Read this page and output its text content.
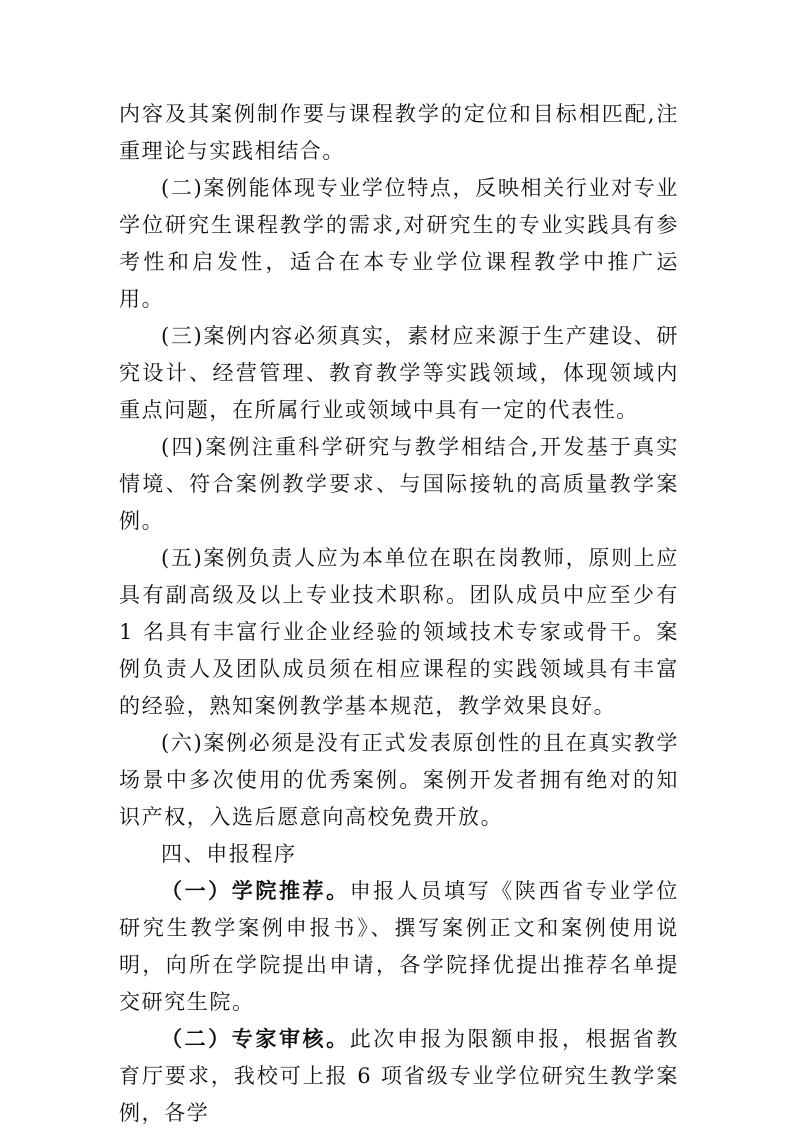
内容及其案例制作要与课程教学的定位和目标相匹配,注重理论与实践相结合。

(二)案例能体现专业学位特点，反映相关行业对专业学位研究生课程教学的需求,对研究生的专业实践具有参考性和启发性，适合在本专业学位课程教学中推广运用。

(三)案例内容必须真实，素材应来源于生产建设、研究设计、经营管理、教育教学等实践领域，体现领域内重点问题，在所属行业或领域中具有一定的代表性。

(四)案例注重科学研究与教学相结合,开发基于真实情境、符合案例教学要求、与国际接轨的高质量教学案例。

(五)案例负责人应为本单位在职在岗教师，原则上应具有副高级及以上专业技术职称。团队成员中应至少有 1 名具有丰富行业企业经验的领域技术专家或骨干。案例负责人及团队成员须在相应课程的实践领域具有丰富的经验，熟知案例教学基本规范，教学效果良好。

(六)案例必须是没有正式发表原创性的且在真实教学场景中多次使用的优秀案例。案例开发者拥有绝对的知识产权，入选后愿意向高校免费开放。

四、申报程序

（一）学院推荐。申报人员填写《陕西省专业学位研究生教学案例申报书》、撰写案例正文和案例使用说明，向所在学院提出申请，各学院择优提出推荐名单提交研究生院。

（二）专家审核。此次申报为限额申报，根据省教育厅要求，我校可上报 6 项省级专业学位研究生教学案例，各学
